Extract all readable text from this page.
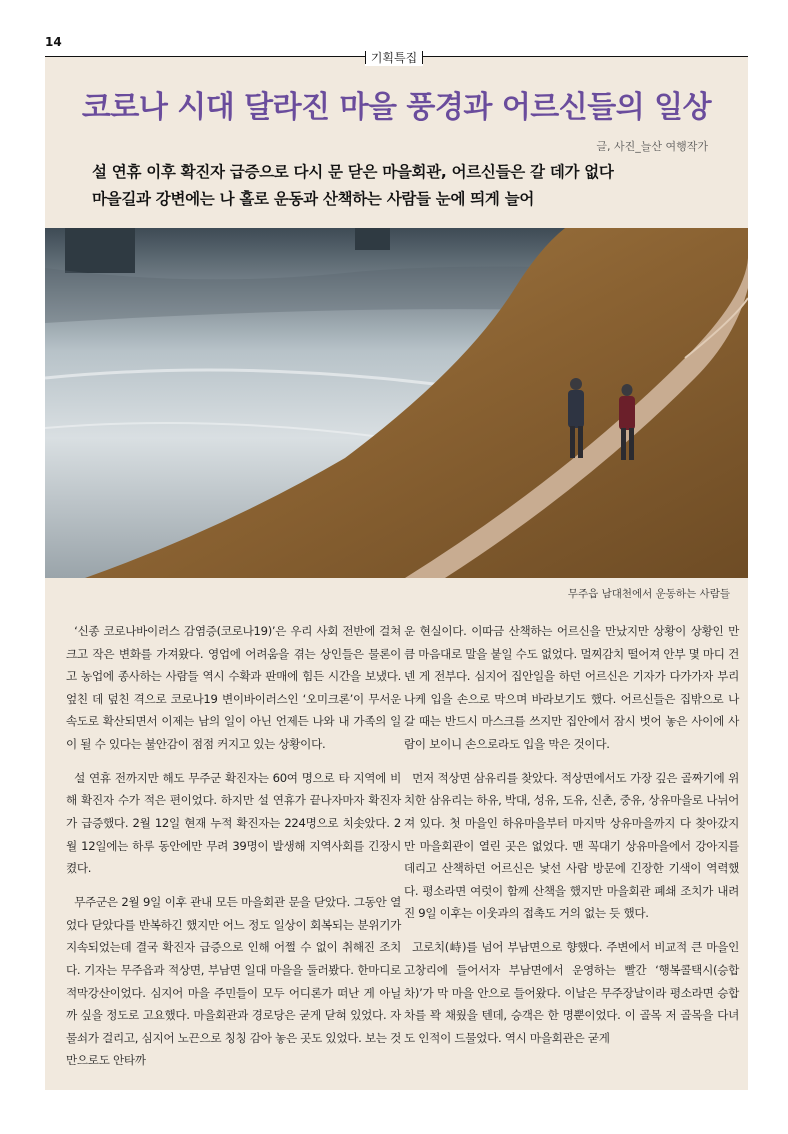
14
기획특집
코로나 시대 달라진 마을 풍경과 어르신들의 일상
글, 사진_늘산 여행작가
설 연휴 이후 확진자 급증으로 다시 문 닫은 마을회관, 어르신들은 갈 데가 없다
마을길과 강변에는 나 홀로 운동과 산책하는 사람들 눈에 띄게 늘어
무주읍 남대천에서 운동하는 사람들

‘신종 코로나바이러스 감염증(코로나19)’은 우리 사회 전반에 걸쳐 크고 작은 변화를 가져왔다. 영업에 어려움을 겪는 상인들은 물론이고 농업에 종사하는 사람들 역시 수확과 판매에 힘든 시간을 보냈다. 엎친 데 덮친 격으로 코로나19 변이바이러스인 ‘오미크론’이 무서운 속도로 확산되면서 이제는 남의 일이 아닌 언제든 나와 내 가족의 일이 될 수 있다는 불안감이 점점 커지고 있는 상황이다.

설 연휴 전까지만 해도 무주군 확진자는 60여 명으로 타 지역에 비해 확진자 수가 적은 편이었다. 하지만 설 연휴가 끝나자마자 확진자가 급증했다. 2월 12일 현재 누적 확진자는 224명으로 치솟았다. 2월 12일에는 하루 동안에만 무려 39명이 발생해 지역사회를 긴장시켰다.

무주군은 2월 9일 이후 관내 모든 마을회관 문을 닫았다. 그동안 열었다 닫았다를 반복하긴 했지만 어느 정도 일상이 회복되는 분위기가 지속되었는데 결국 확진자 급증으로 인해 어쩔 수 없이 취해진 조치다. 기자는 무주읍과 적상면, 부남면 일대 마을을 둘러봤다. 한마디로 적막강산이었다. 심지어 마을 주민들이 모두 어디론가 떠난 게 아닐까 싶을 정도로 고요했다. 마을회관과 경로당은 굳게 닫혀 있었다. 자물쇠가 걸리고, 심지어 노끈으로 칭칭 감아 놓은 곳도 있었다. 보는 것만으로도 안타까

운 현실이다. 이따금 산책하는 어르신을 만났지만 상황이 상황인 만큼 마음대로 말을 붙일 수도 없었다. 멀찌감치 떨어져 안부 몇 마디 건넨 게 전부다. 심지어 집안일을 하던 어르신은 기자가 다가가자 부리나케 입을 손으로 막으며 바라보기도 했다. 어르신들은 집밖으로 나갈 때는 반드시 마스크를 쓰지만 집안에서 잠시 벗어 놓은 사이에 사람이 보이니 손으로라도 입을 막은 것이다.

먼저 적상면 삼유리를 찾았다. 적상면에서도 가장 깊은 골짜기에 위치한 삼유리는 하유, 박대, 성유, 도유, 신촌, 중유, 상유마을로 나뉘어져 있다. 첫 마을인 하유마을부터 마지막 상유마을까지 다 찾아갔지만 마을회관이 열린 곳은 없었다. 맨 꼭대기 상유마을에서 강아지를 데리고 산책하던 어르신은 낯선 사람 방문에 긴장한 기색이 역력했다. 평소라면 여럿이 함께 산책을 했지만 마을회관 폐쇄 조치가 내려진 9일 이후는 이웃과의 접촉도 거의 없는 듯 했다.

고로치(峙)를 넘어 부남면으로 향했다. 주변에서 비교적 큰 마을인 고창리에 들어서자 부남면에서 운영하는 빨간 ‘행복콜택시(승합차)’가 막 마을 안으로 들어왔다. 이날은 무주장날이라 평소라면 승합차를 꽉 채웠을 텐데, 승객은 한 명뿐이었다. 이 골목 저 골목을 다녀도 인적이 드물었다. 역시 마을회관은 굳게
